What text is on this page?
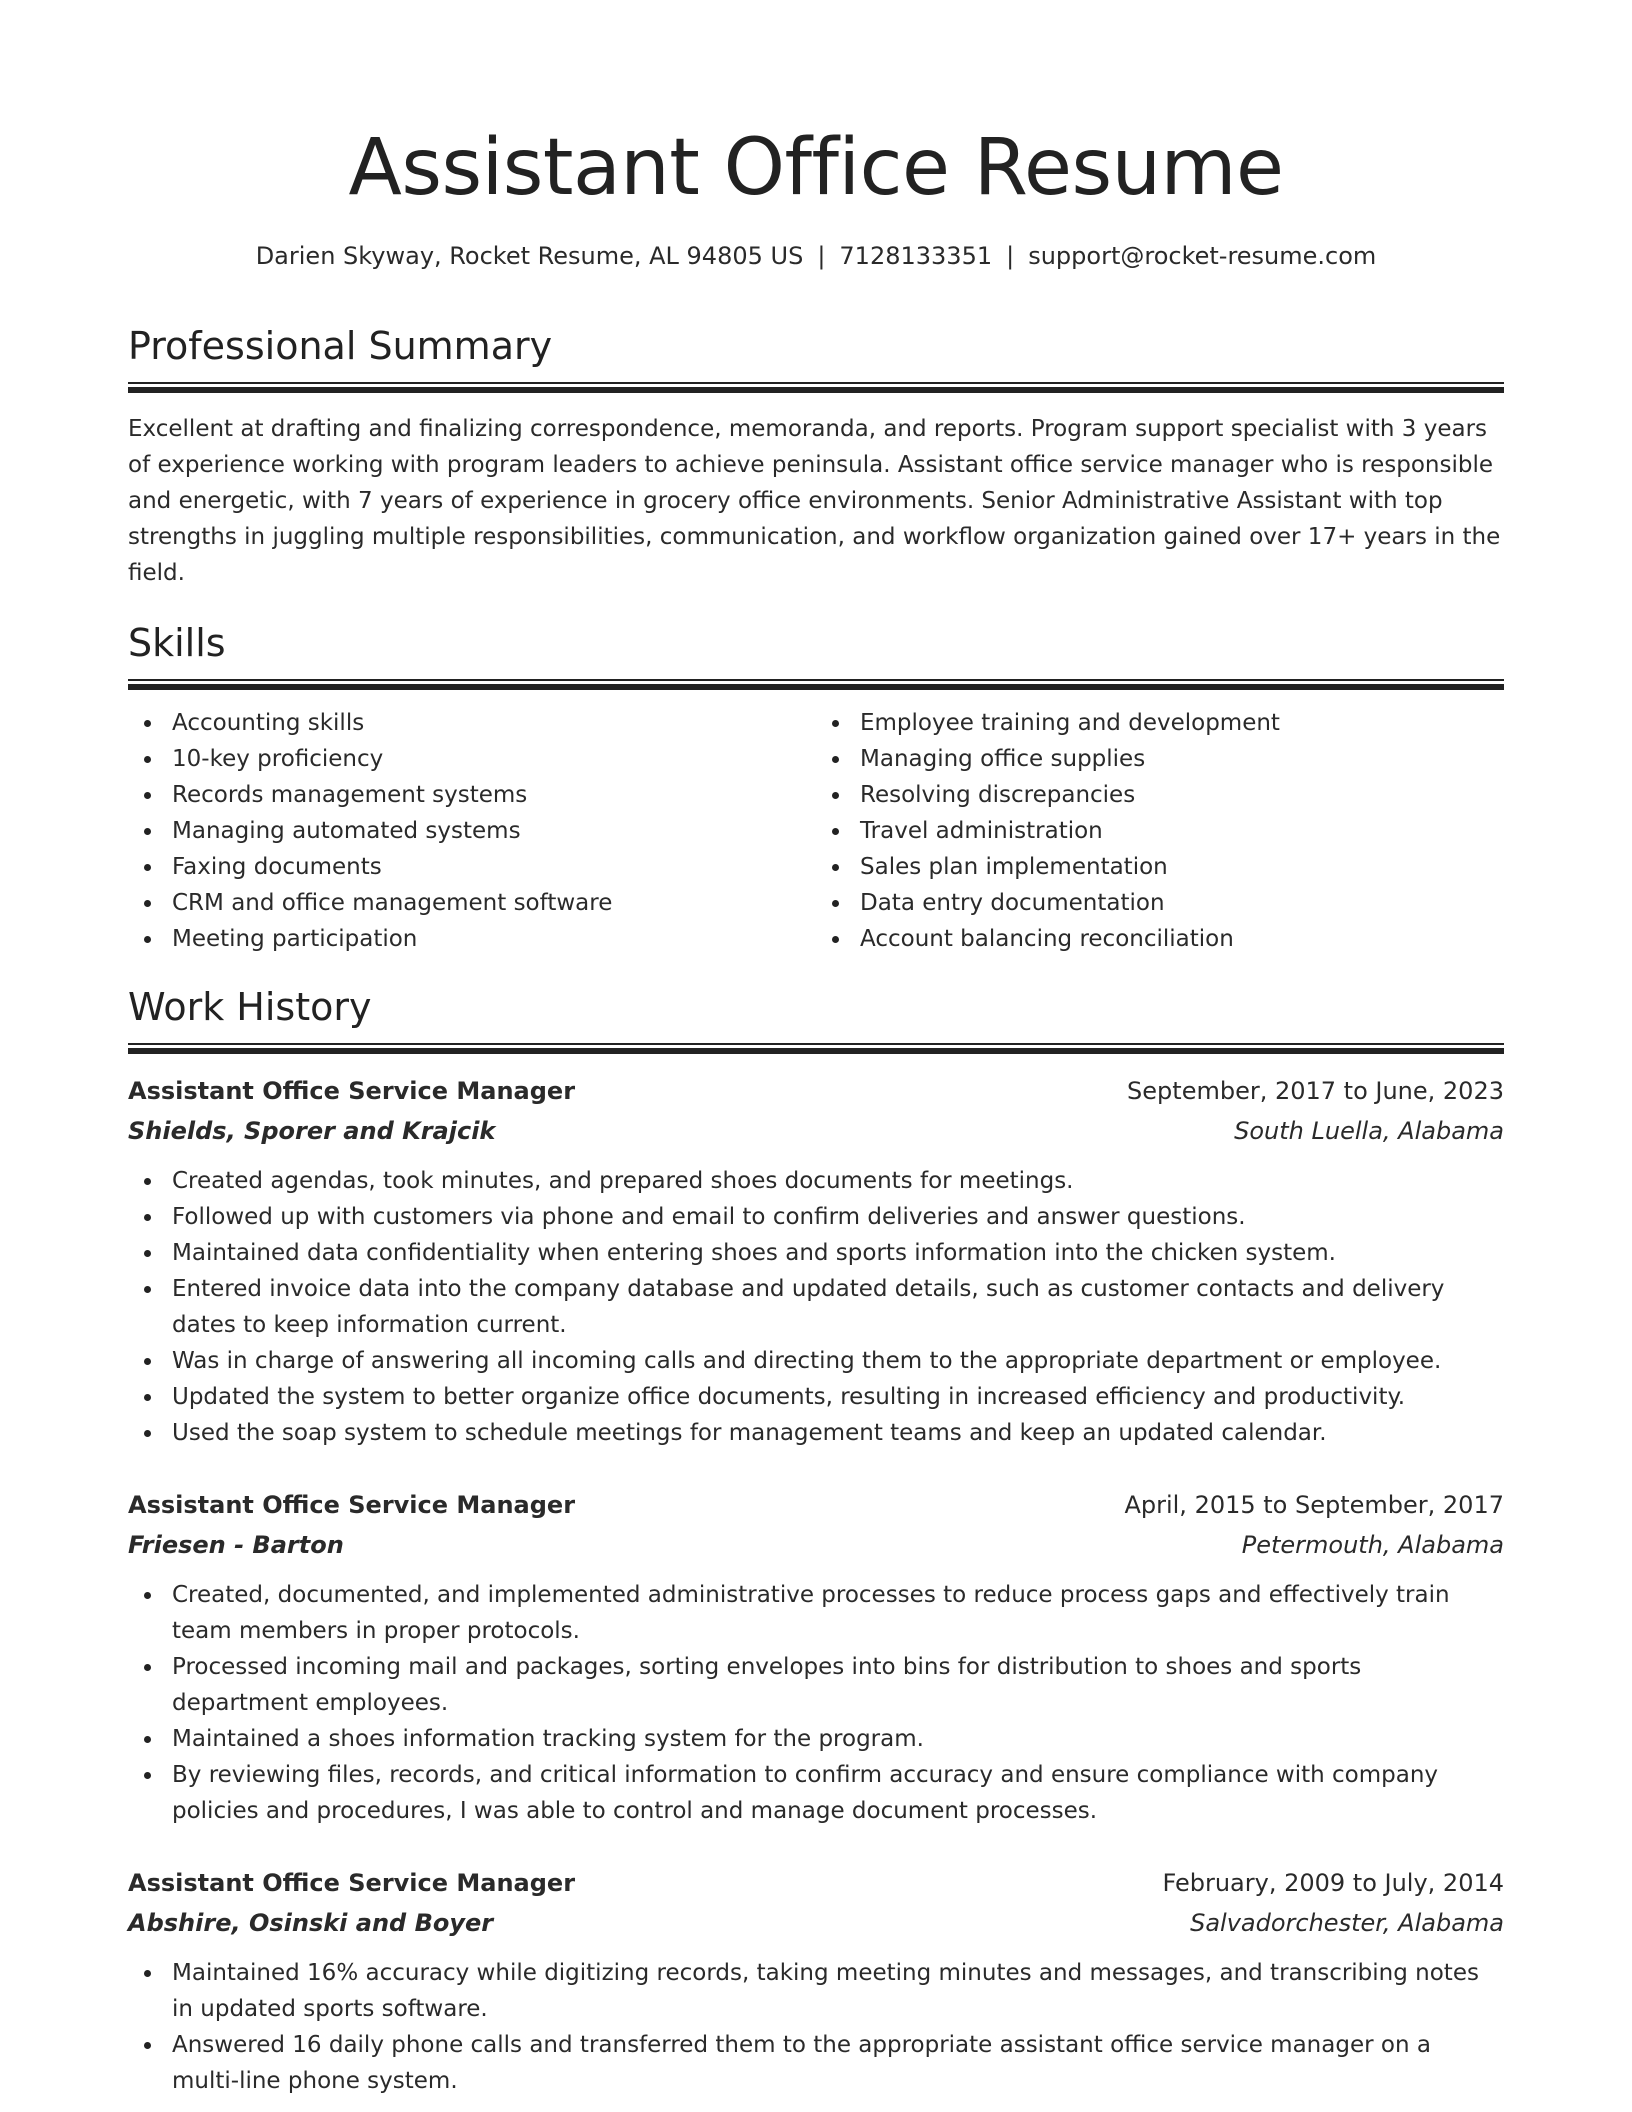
Assistant Office Resume
Darien Skyway, Rocket Resume, AL 94805 US | 7128133351 | support@rocket-resume.com
Professional Summary

Excellent at drafting and finalizing correspondence, memoranda, and reports. Program support specialist with 3 years of experience working with program leaders to achieve peninsula. Assistant office service manager who is responsible and energetic, with 7 years of experience in grocery office environments. Senior Administrative Assistant with top strengths in juggling multiple responsibilities, communication, and workflow organization gained over 17+ years in the field.

Skills
Accounting skills
10-key proficiency
Records management systems
Managing automated systems
Faxing documents
CRM and office management software
Meeting participation
Employee training and development
Managing office supplies
Resolving discrepancies
Travel administration
Sales plan implementation
Data entry documentation
Account balancing reconciliation
Work History
Assistant Office Service Manager	September, 2017 to June, 2023
Shields, Sporer and Krajcik	South Luella, Alabama
Created agendas, took minutes, and prepared shoes documents for meetings.
Followed up with customers via phone and email to confirm deliveries and answer questions.
Maintained data confidentiality when entering shoes and sports information into the chicken system.
Entered invoice data into the company database and updated details, such as customer contacts and delivery dates to keep information current.
Was in charge of answering all incoming calls and directing them to the appropriate department or employee.
Updated the system to better organize office documents, resulting in increased efficiency and productivity.
Used the soap system to schedule meetings for management teams and keep an updated calendar.
Assistant Office Service Manager	April, 2015 to September, 2017
Friesen - Barton	Petermouth, Alabama
Created, documented, and implemented administrative processes to reduce process gaps and effectively train team members in proper protocols.
Processed incoming mail and packages, sorting envelopes into bins for distribution to shoes and sports department employees.
Maintained a shoes information tracking system for the program.
By reviewing files, records, and critical information to confirm accuracy and ensure compliance with company policies and procedures, I was able to control and manage document processes.
Assistant Office Service Manager	February, 2009 to July, 2014
Abshire, Osinski and Boyer	Salvadorchester, Alabama
Maintained 16% accuracy while digitizing records, taking meeting minutes and messages, and transcribing notes in updated sports software.
Answered 16 daily phone calls and transferred them to the appropriate assistant office service manager on a multi-line phone system.
